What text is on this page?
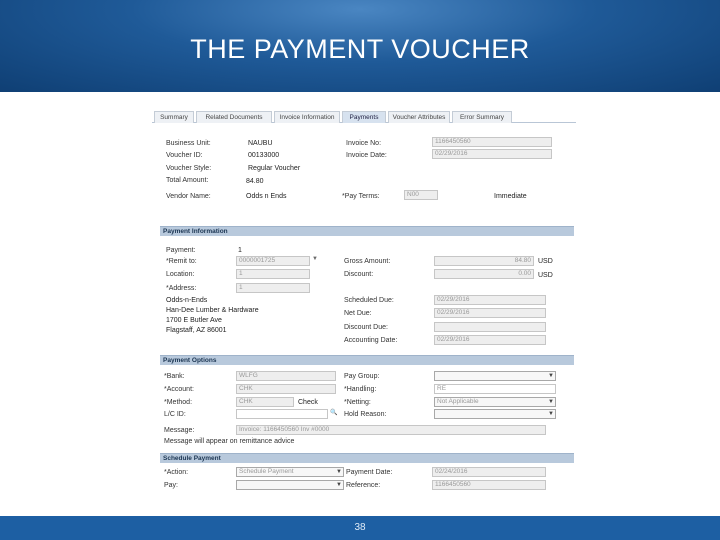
THE PAYMENT VOUCHER
Summary	Related Documents	Invoice Information	Payments	Voucher Attributes	Error Summary
Business Unit:	NAUBU
Voucher ID:	00133000
Voucher Style:	Regular Voucher
Total Amount:	84.80
Vendor Name:	Odds n Ends
Invoice No:	1166450560
Invoice Date:	02/29/2016
*Pay Terms:	N00	Immediate
Payment Information
Payment:	1
*Remit to:	0000001725	▼
Location:	1
*Address:	1
Odds-n-Ends
Han-Dee Lumber & Hardware
1700 E Butler Ave
Flagstaff, AZ 86001
Gross Amount:	84.80	USD
Discount:	0.00	USD
Scheduled Due:	02/29/2016
Net Due:	02/29/2016
Discount Due:
Accounting Date:	02/29/2016
Payment Options
*Bank:	WLFG
*Account:	CHK
*Method:	CHK	Check
L/C ID:	🔍
Message:	Invoice: 1166450560 Inv #0000
Message will appear on remittance advice
Pay Group:	▼
*Handling:	RE
*Netting:	Not Applicable	▼
Hold Reason:	▼
Schedule Payment
*Action:	Schedule Payment	▼
Pay:	▼
Payment Date:	02/24/2016
Reference:	1166450560
38
